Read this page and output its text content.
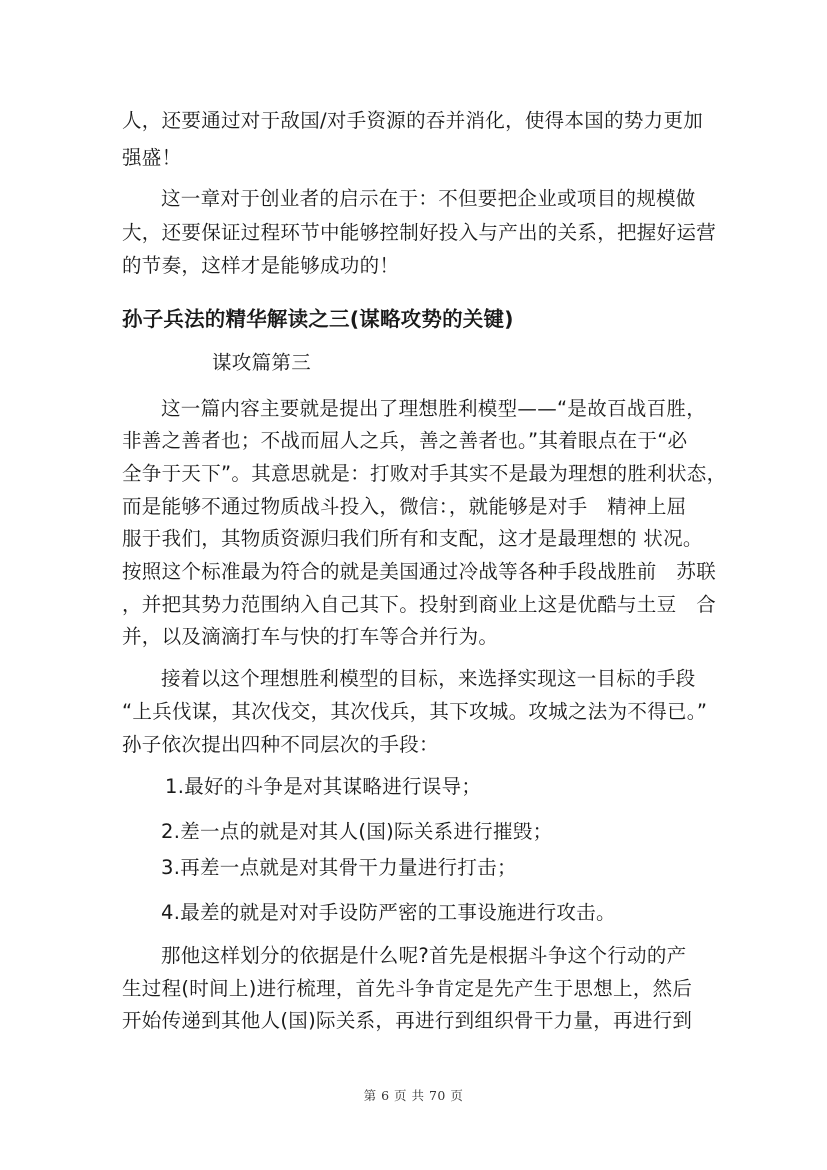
人，还要通过对于敌国/对手资源的吞并消化，使得本国的势力更加
强盛！
这一章对于创业者的启示在于：不但要把企业或项目的规模做
大，还要保证过程环节中能够控制好投入与产出的关系，把握好运营
的节奏，这样才是能够成功的！
孙子兵法的精华解读之三(谋略攻势的关键)
谋攻篇第三
这一篇内容主要就是提出了理想胜利模型——“是故百战百胜，
非善之善者也；不战而屈人之兵，善之善者也。”其着眼点在于“必
全争于天下”。其意思就是：打败对手其实不是最为理想的胜利状态，
而是能够不通过物质战斗投入，微信：，就能够是对手　精神上屈
服于我们，其物质资源归我们所有和支配，这才是最理想的 状况。
按照这个标准最为符合的就是美国通过冷战等各种手段战胜前　苏联
，并把其势力范围纳入自己其下。投射到商业上这是优酷与土豆　合
并，以及滴滴打车与快的打车等合并行为。
接着以这个理想胜利模型的目标，来选择实现这一目标的手段
“上兵伐谋，其次伐交，其次伐兵，其下攻城。攻城之法为不得已。”
孙子依次提出四种不同层次的手段：
1.最好的斗争是对其谋略进行误导；
2.差一点的就是对其人(国)际关系进行摧毁；
3.再差一点就是对其骨干力量进行打击；
4.最差的就是对对手设防严密的工事设施进行攻击。
那他这样划分的依据是什么呢?首先是根据斗争这个行动的产
生过程(时间上)进行梳理，首先斗争肯定是先产生于思想上，然后
开始传递到其他人(国)际关系，再进行到组织骨干力量，再进行到
第 6 页 共 70 页
